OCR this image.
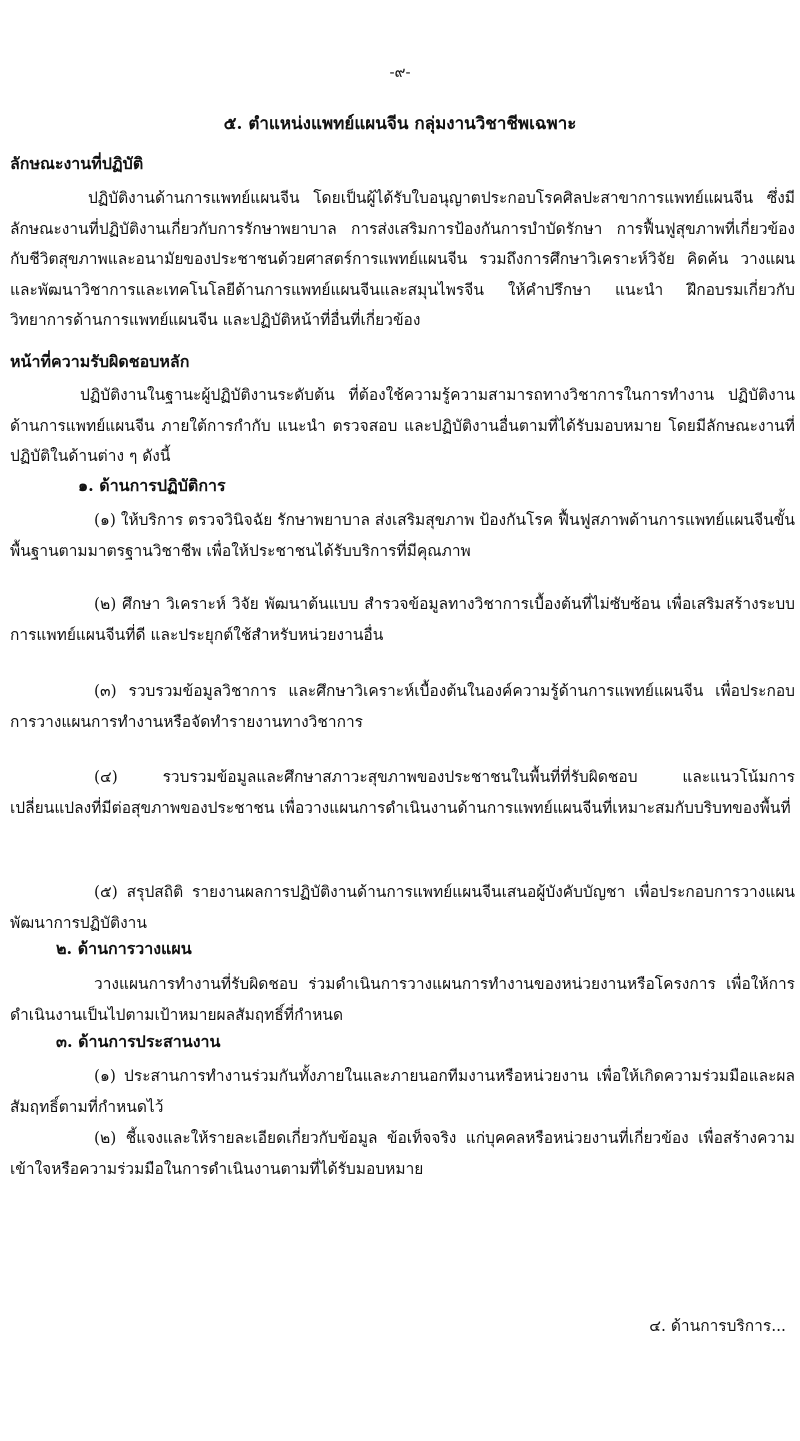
-๙-
๕. ตำแหน่งแพทย์แผนจีน กลุ่มงานวิชาชีพเฉพาะ
ลักษณะงานที่ปฏิบัติ
ปฏิบัติงานด้านการแพทย์แผนจีน โดยเป็นผู้ได้รับใบอนุญาตประกอบโรคศิลปะสาขาการแพทย์แผนจีน ซึ่งมีลักษณะงานที่ปฏิบัติงานเกี่ยวกับการรักษาพยาบาล การส่งเสริมการป้องกันการบำบัดรักษา การฟื้นฟูสุขภาพที่เกี่ยวข้องกับชีวิตสุขภาพและอนามัยของประชาชนด้วยศาสตร์การแพทย์แผนจีน รวมถึงการศึกษาวิเคราะห์วิจัย คิดค้น วางแผน และพัฒนาวิชาการและเทคโนโลยีด้านการแพทย์แผนจีนและสมุนไพรจีน ให้คำปรึกษา แนะนำ ฝึกอบรมเกี่ยวกับวิทยาการด้านการแพทย์แผนจีน และปฏิบัติหน้าที่อื่นที่เกี่ยวข้อง
หน้าที่ความรับผิดชอบหลัก
ปฏิบัติงานในฐานะผู้ปฏิบัติงานระดับต้น ที่ต้องใช้ความรู้ความสามารถทางวิชาการในการทำงาน ปฏิบัติงานด้านการแพทย์แผนจีน ภายใต้การกำกับ แนะนำ ตรวจสอบ และปฏิบัติงานอื่นตามที่ได้รับมอบหมาย โดยมีลักษณะงานที่ปฏิบัติในด้านต่าง ๆ ดังนี้
๑. ด้านการปฏิบัติการ
(๑) ให้บริการ ตรวจวินิจฉัย รักษาพยาบาล ส่งเสริมสุขภาพ ป้องกันโรค ฟื้นฟูสภาพด้านการแพทย์แผนจีนขั้นพื้นฐานตามมาตรฐานวิชาชีพ เพื่อให้ประชาชนได้รับบริการที่มีคุณภาพ
(๒) ศึกษา วิเคราะห์ วิจัย พัฒนาต้นแบบ สำรวจข้อมูลทางวิชาการเบื้องต้นที่ไม่ซับซ้อน เพื่อเสริมสร้างระบบการแพทย์แผนจีนที่ดี และประยุกต์ใช้สำหรับหน่วยงานอื่น
(๓) รวบรวมข้อมูลวิชาการ และศึกษาวิเคราะห์เบื้องต้นในองค์ความรู้ด้านการแพทย์แผนจีน เพื่อประกอบการวางแผนการทำงานหรือจัดทำรายงานทางวิชาการ
(๔) รวบรวมข้อมูลและศึกษาสภาวะสุขภาพของประชาชนในพื้นที่ที่รับผิดชอบ และแนวโน้มการเปลี่ยนแปลงที่มีต่อสุขภาพของประชาชน เพื่อวางแผนการดำเนินงานด้านการแพทย์แผนจีนที่เหมาะสมกับบริบทของพื้นที่
(๕) สรุปสถิติ รายงานผลการปฏิบัติงานด้านการแพทย์แผนจีนเสนอผู้บังคับบัญชา เพื่อประกอบการวางแผนพัฒนาการปฏิบัติงาน
๒. ด้านการวางแผน
วางแผนการทำงานที่รับผิดชอบ ร่วมดำเนินการวางแผนการทำงานของหน่วยงานหรือโครงการ เพื่อให้การดำเนินงานเป็นไปตามเป้าหมายผลสัมฤทธิ์ที่กำหนด
๓. ด้านการประสานงาน
(๑) ประสานการทำงานร่วมกันทั้งภายในและภายนอกทีมงานหรือหน่วยงาน เพื่อให้เกิดความร่วมมือและผลสัมฤทธิ์ตามที่กำหนดไว้
(๒) ชี้แจงและให้รายละเอียดเกี่ยวกับข้อมูล ข้อเท็จจริง แก่บุคคลหรือหน่วยงานที่เกี่ยวข้อง เพื่อสร้างความเข้าใจหรือความร่วมมือในการดำเนินงานตามที่ได้รับมอบหมาย
๔. ด้านการบริการ...
